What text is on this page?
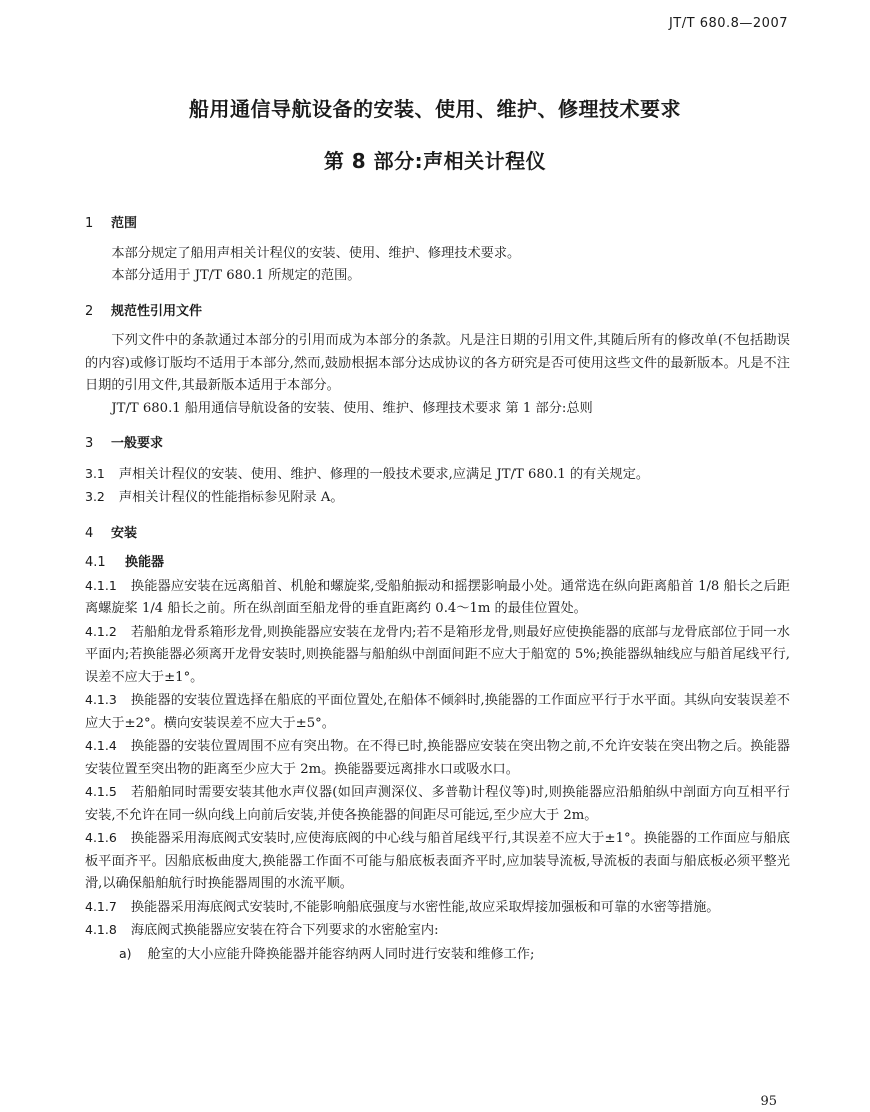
JT/T 680.8—2007
船用通信导航设备的安装、使用、维护、修理技术要求
第 8 部分:声相关计程仪
1 范围

本部分规定了船用声相关计程仪的安装、使用、维护、修理技术要求。

本部分适用于 JT/T 680.1 所规定的范围。

2 规范性引用文件

下列文件中的条款通过本部分的引用而成为本部分的条款。凡是注日期的引用文件,其随后所有的修改单(不包括勘误的内容)或修订版均不适用于本部分,然而,鼓励根据本部分达成协议的各方研究是否可使用这些文件的最新版本。凡是不注日期的引用文件,其最新版本适用于本部分。

JT/T 680.1 船用通信导航设备的安装、使用、维护、修理技术要求 第 1 部分:总则

3 一般要求

3.1 声相关计程仪的安装、使用、维护、修理的一般技术要求,应满足 JT/T 680.1 的有关规定。

3.2 声相关计程仪的性能指标参见附录 A。

4 安装
4.1 换能器

4.1.1 换能器应安装在远离船首、机舱和螺旋桨,受船舶振动和摇摆影响最小处。通常选在纵向距离船首 1/8 船长之后距离螺旋桨 1/4 船长之前。所在纵剖面至船龙骨的垂直距离约 0.4～1m 的最佳位置处。

4.1.2 若船舶龙骨系箱形龙骨,则换能器应安装在龙骨内;若不是箱形龙骨,则最好应使换能器的底部与龙骨底部位于同一水平面内;若换能器必须离开龙骨安装时,则换能器与船舶纵中剖面间距不应大于船宽的 5%;换能器纵轴线应与船首尾线平行,误差不应大于±1°。

4.1.3 换能器的安装位置选择在船底的平面位置处,在船体不倾斜时,换能器的工作面应平行于水平面。其纵向安装误差不应大于±2°。横向安装误差不应大于±5°。

4.1.4 换能器的安装位置周围不应有突出物。在不得已时,换能器应安装在突出物之前,不允许安装在突出物之后。换能器安装位置至突出物的距离至少应大于 2m。换能器要远离排水口或吸水口。

4.1.5 若船舶同时需要安装其他水声仪器(如回声测深仪、多普勒计程仪等)时,则换能器应沿船舶纵中剖面方向互相平行安装,不允许在同一纵向线上向前后安装,并使各换能器的间距尽可能远,至少应大于 2m。

4.1.6 换能器采用海底阀式安装时,应使海底阀的中心线与船首尾线平行,其误差不应大于±1°。换能器的工作面应与船底板平面齐平。因船底板曲度大,换能器工作面不可能与船底板表面齐平时,应加装导流板,导流板的表面与船底板必须平整光滑,以确保船舶航行时换能器周围的水流平顺。

4.1.7 换能器采用海底阀式安装时,不能影响船底强度与水密性能,故应采取焊接加强板和可靠的水密等措施。

4.1.8 海底阀式换能器应安装在符合下列要求的水密舱室内:

a) 舱室的大小应能升降换能器并能容纳两人同时进行安装和维修工作;

95
